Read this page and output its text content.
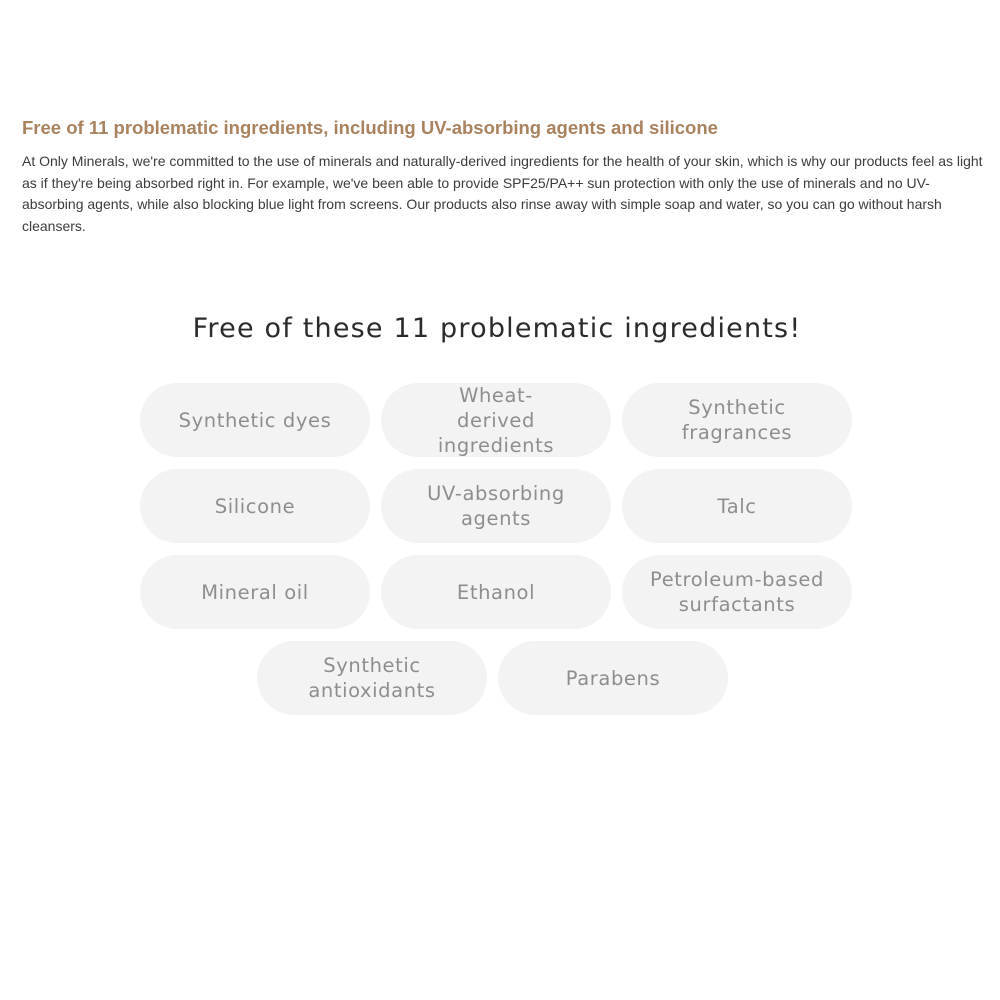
Free of 11 problematic ingredients, including UV-absorbing agents and silicone

At Only Minerals, we're committed to the use of minerals and naturally-derived ingredients for the health of your skin, which is why our products feel as light as if they're being absorbed right in. For example, we've been able to provide SPF25/PA++ sun protection with only the use of minerals and no UV-absorbing agents, while also blocking blue light from screens. Our products also rinse away with simple soap and water, so you can go without harsh cleansers.

Free of these 11 problematic ingredients!
Synthetic dyes
Wheat-derived ingredients
Synthetic fragrances
Silicone
UV-absorbing agents
Talc
Mineral oil	Ethanol
Petroleum-based surfactants
Synthetic antioxidants
Parabens
